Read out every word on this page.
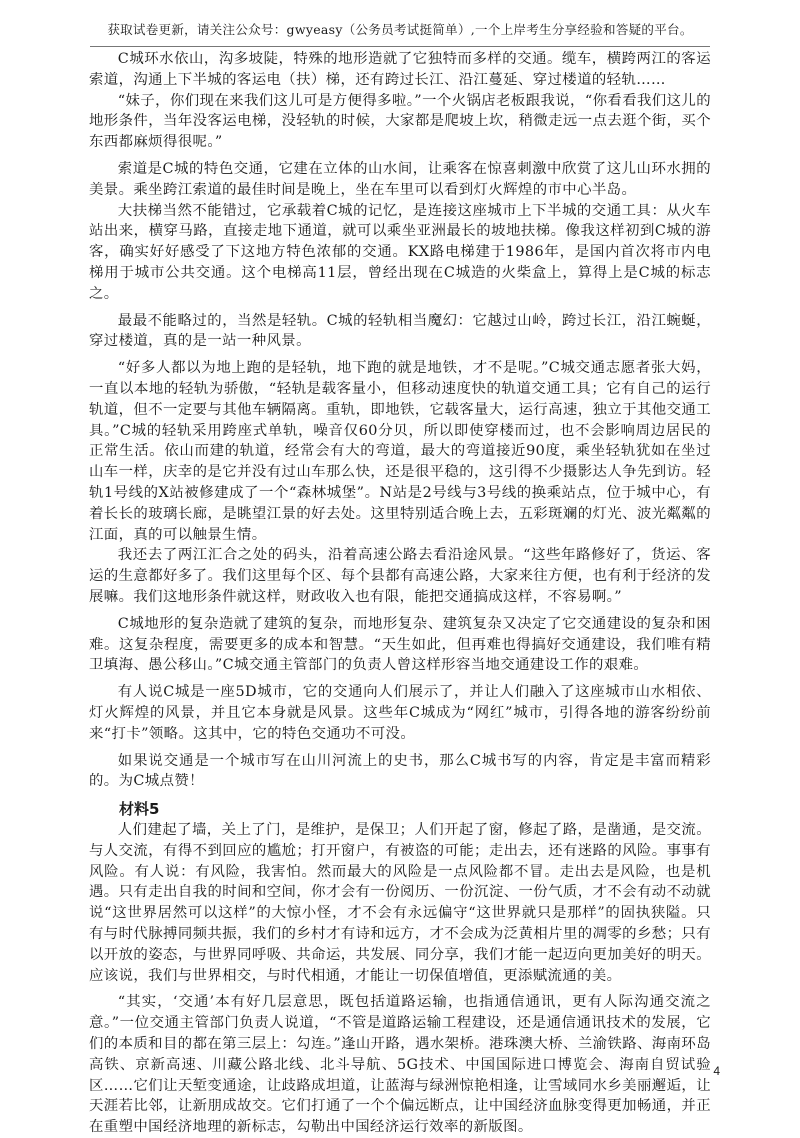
获取试卷更新，请关注公众号：gwyeasy（公务员考试挺简单）,一个上岸考生分享经验和答疑的平台。

C城环水依山，沟多坡陡，特殊的地形造就了它独特而多样的交通。缆车，横跨两江的客运索道，沟通上下半城的客运电（扶）梯，还有跨过长江、沿江蔓延、穿过楼道的轻轨……

“妹子，你们现在来我们这儿可是方便得多啦。”一个火锅店老板跟我说，“你看看我们这儿的地形条件，当年没客运电梯，没轻轨的时候，大家都是爬坡上坎，稍微走远一点去逛个街，买个东西都麻烦得很呢。”

索道是C城的特色交通，它建在立体的山水间，让乘客在惊喜刺激中欣赏了这儿山环水拥的美景。乘坐跨江索道的最佳时间是晚上，坐在车里可以看到灯火辉煌的市中心半岛。

大扶梯当然不能错过，它承载着C城的记忆，是连接这座城市上下半城的交通工具：从火车站出来，横穿马路，直接走地下通道，就可以乘坐亚洲最长的坡地扶梯。像我这样初到C城的游客，确实好好感受了下这地方特色浓郁的交通。KX路电梯建于1986年，是国内首次将市内电梯用于城市公共交通。这个电梯高11层，曾经出现在C城造的火柴盒上，算得上是C城的标志之。

最最不能略过的，当然是轻轨。C城的轻轨相当魔幻：它越过山岭，跨过长江，沿江蜿蜒，穿过楼道，真的是一站一种风景。

“好多人都以为地上跑的是轻轨，地下跑的就是地铁，才不是呢。”C城交通志愿者张大妈，一直以本地的轻轨为骄傲，“轻轨是载客量小，但移动速度快的轨道交通工具；它有自己的运行轨道，但不一定要与其他车辆隔离。重轨，即地铁，它载客量大，运行高速，独立于其他交通工具。”C城的轻轨采用跨座式单轨，噪音仅60分贝，所以即使穿楼而过，也不会影响周边居民的正常生活。依山而建的轨道，经常会有大的弯道，最大的弯道接近90度，乘坐轻轨犹如在坐过山车一样，庆幸的是它并没有过山车那么快，还是很平稳的，这引得不少摄影达人争先到访。轻轨1号线的X站被修建成了一个“森林城堡”。N站是2号线与3号线的换乘站点，位于城中心，有着长长的玻璃长廊，是眺望江景的好去处。这里特别适合晚上去，五彩斑斓的灯光、波光粼粼的江面，真的可以触景生情。

我还去了两江汇合之处的码头，沿着高速公路去看沿途风景。“这些年路修好了，货运、客运的生意都好多了。我们这里每个区、每个县都有高速公路，大家来往方便，也有利于经济的发展嘛。我们这地形条件就这样，财政收入也有限，能把交通搞成这样，不容易啊。”

C城地形的复杂造就了建筑的复杂，而地形复杂、建筑复杂又决定了它交通建设的复杂和困难。这复杂程度，需要更多的成本和智慧。“天生如此，但再难也得搞好交通建设，我们唯有精卫填海、愚公移山。”C城交通主管部门的负责人曾这样形容当地交通建设工作的艰难。

有人说C城是一座5D城市，它的交通向人们展示了，并让人们融入了这座城市山水相依、灯火辉煌的风景，并且它本身就是风景。这些年C城成为“网红”城市，引得各地的游客纷纷前来“打卡”领略。这其中，它的特色交通功不可没。

如果说交通是一个城市写在山川河流上的史书，那么C城书写的内容，肯定是丰富而精彩的。为C城点赞！

材料5

人们建起了墙，关上了门，是维护，是保卫；人们开起了窗，修起了路，是凿通，是交流。与人交流，有得不到回应的尴尬；打开窗户，有被盗的可能；走出去，还有迷路的风险。事事有风险。有人说：有风险，我害怕。然而最大的风险是一点风险都不冒。走出去是风险，也是机遇。只有走出自我的时间和空间，你才会有一份阅历、一份沉淀、一份气质，才不会有动不动就说“这世界居然可以这样”的大惊小怪，才不会有永远偏守“这世界就只是那样”的固执狭隘。只有与时代脉搏同频共振，我们的乡村才有诗和远方，才不会成为泛黄相片里的凋零的乡愁；只有以开放的姿态，与世界同呼吸、共命运，共发展、同分享，我们才能一起迈向更加美好的明天。应该说，我们与世界相交，与时代相通，才能让一切保值增值，更添赋流通的美。

“其实，‘交通’本有好几层意思，既包括道路运输，也指通信通讯，更有人际沟通交流之意。”一位交通主管部门负责人说道，“不管是道路运输工程建设，还是通信通讯技术的发展，它们的本质和目的都在第三层上：勾连。”逢山开路，遇水架桥。港珠澳大桥、兰渝铁路、海南环岛高铁、京新高速、川藏公路北线、北斗导航、5G技术、中国国际进口博览会、海南自贸试验区……它们让天堑变通途，让歧路成坦道，让蓝海与绿洲惊艳相逢，让雪域同水乡美丽邂逅，让天涯若比邻，让新朋成故交。它们打通了一个个偏远断点，让中国经济血脉变得更加畅通，并正在重塑中国经济地理的新标志，勾勒出中国经济运行效率的新版图。

4
